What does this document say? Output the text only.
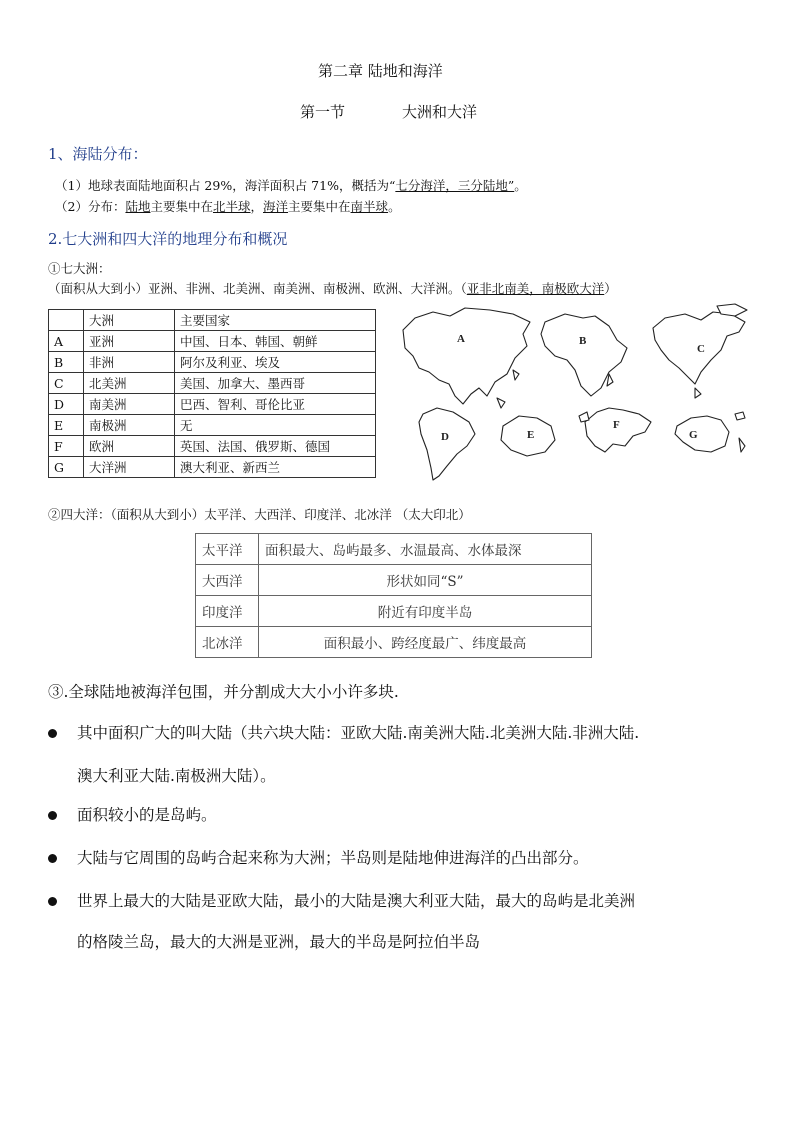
第二章 陆地和海洋
第一节	大洲和大洋
1、海陆分布：
（1）地球表面陆地面积占 29%，海洋面积占 71%，概括为“七分海洋，三分陆地”。
（2）分布：陆地主要集中在北半球，海洋主要集中在南半球。
2.七大洲和四大洋的地理分布和概况
①七大洲：
（面积从大到小）亚洲、非洲、北美洲、南美洲、南极洲、欧洲、大洋洲。（亚非北南美，南极欧大洋）
	大洲	主要国家
A	亚洲	中国、日本、韩国、朝鲜
B	非洲	阿尔及利亚、埃及
C	北美洲	美国、加拿大、墨西哥
D	南美洲	巴西、智利、哥伦比亚
E	南极洲	无
F	欧洲	英国、法国、俄罗斯、德国
G	大洋洲	澳大利亚、新西兰
A	B
C
D	E
F
G
②四大洋：（面积从大到小）太平洋、大西洋、印度洋、北冰洋 （太大印北）
太平洋	面积最大、岛屿最多、水温最高、水体最深
大西洋	形状如同“S”
印度洋	附近有印度半岛
北冰洋	面积最小、跨经度最广、纬度最高
③.全球陆地被海洋包围，并分割成大大小小许多块.
其中面积广大的叫大陆（共六块大陆：亚欧大陆.南美洲大陆.北美洲大陆.非洲大陆.
澳大利亚大陆.南极洲大陆）。
面积较小的是岛屿。
大陆与它周围的岛屿合起来称为大洲；半岛则是陆地伸进海洋的凸出部分。
世界上最大的大陆是亚欧大陆，最小的大陆是澳大利亚大陆，最大的岛屿是北美洲
的格陵兰岛，最大的大洲是亚洲，最大的半岛是阿拉伯半岛
